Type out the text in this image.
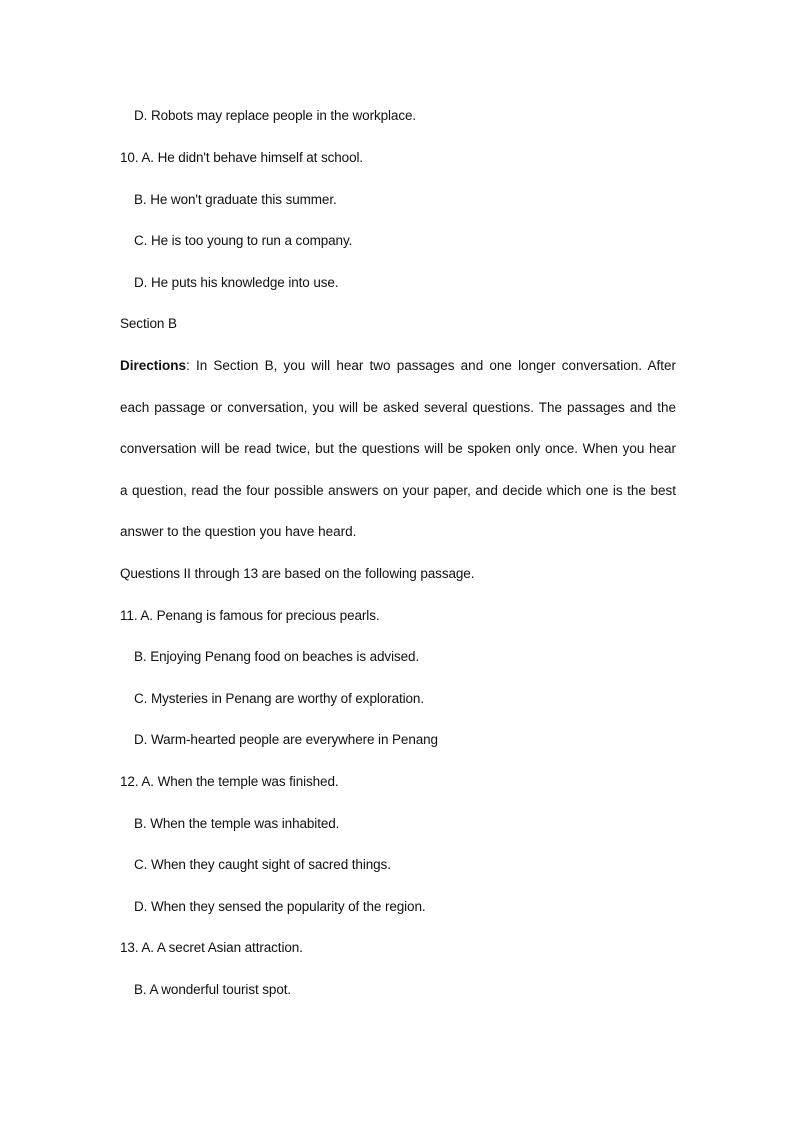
D. Robots may replace people in the workplace.
10. A. He didn't behave himself at school.
B. He won't graduate this summer.
C. He is too young to run a company.
D. He puts his knowledge into use.
Section B
Directions: In Section B, you will hear two passages and one longer conversation. After
each passage or conversation, you will be asked several questions. The passages and the
conversation will be read twice, but the questions will be spoken only once. When you hear
a question, read the four possible answers on your paper, and decide which one is the best
answer to the question you have heard.
Questions II through 13 are based on the following passage.
11. A. Penang is famous for precious pearls.
B. Enjoying Penang food on beaches is advised.
C. Mysteries in Penang are worthy of exploration.
D. Warm-hearted people are everywhere in Penang
12. A. When the temple was finished.
B. When the temple was inhabited.
C. When they caught sight of sacred things.
D. When they sensed the popularity of the region.
13. A. A secret Asian attraction.
B. A wonderful tourist spot.
